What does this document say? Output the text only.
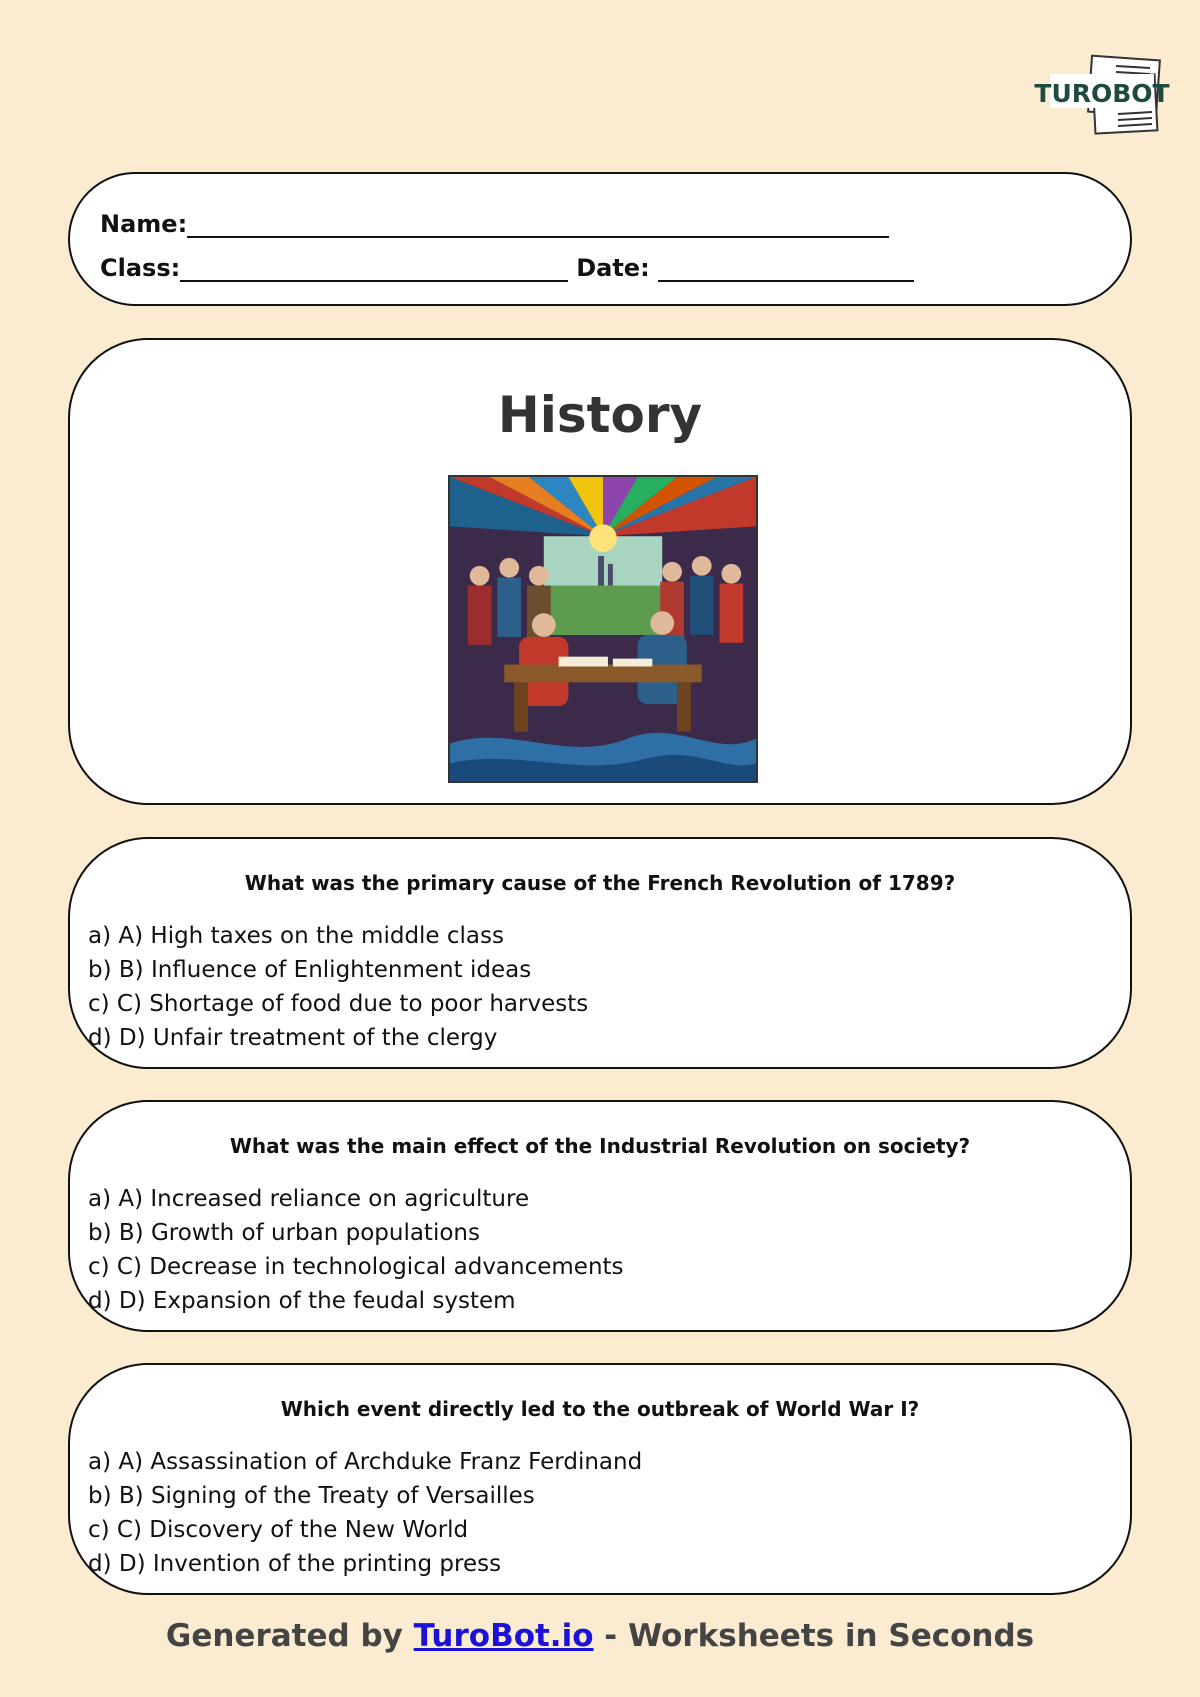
TUROBOT
Name:
Class:	Date:
History
What was the primary cause of the French Revolution of 1789?
a) A) High taxes on the middle class
b) B) Influence of Enlightenment ideas
c) C) Shortage of food due to poor harvests
d) D) Unfair treatment of the clergy
What was the main effect of the Industrial Revolution on society?
a) A) Increased reliance on agriculture
b) B) Growth of urban populations
c) C) Decrease in technological advancements
d) D) Expansion of the feudal system
Which event directly led to the outbreak of World War I?
a) A) Assassination of Archduke Franz Ferdinand
b) B) Signing of the Treaty of Versailles
c) C) Discovery of the New World
d) D) Invention of the printing press
Generated by TuroBot.io - Worksheets in Seconds
